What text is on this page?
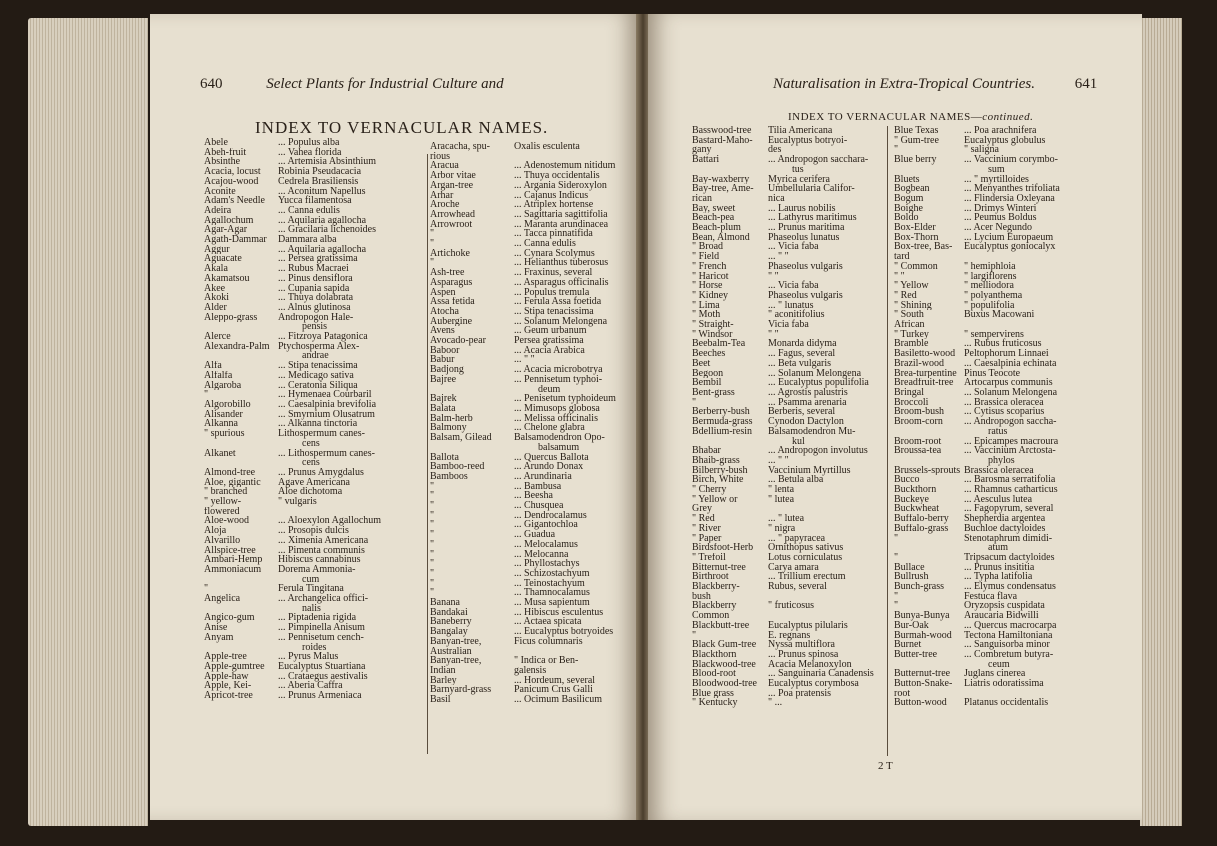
640	Select Plants for Industrial Culture and
INDEX TO VERNACULAR NAMES.
Abele	... Populus alba
Abeh-fruit	... Vahea florida
Absinthe	... Artemisia Absinthium
Acacia, locust	Robinia Pseudacacia
Acajou-wood	Cedrela Brasiliensis
Aconite	... Aconitum Napellus
Adam's Needle	Yucca filamentosa
Adeira	... Canna edulis
Agallochum	... Aquilaria agallocha
Agar-Agar	... Gracilaria lichenoides
Agath-Dammar	Dammara alba
Aggur	... Aquilaria agallocha
Aguacate	... Persea gratissima
Akala	... Rubus Macraei
Akamatsou	... Pinus densiflora
Akee	... Cupania sapida
Akoki	... Thuya dolabrata
Alder	... Alnus glutinosa
Aleppo-grass	Andropogon Hale-
pensis
Alerce	... Fitzroya Patagonica
Alexandra-Palm Ptychosperma Alex-
andrae
Alfa	... Stipa tenacissima
Alfalfa	... Medicago sativa
Algaroba	... Ceratonia Siliqua
"	... Hymenaea Courbaril
Algorobillo	... Caesalpinia brevifolia
Alisander	... Smyrnium Olusatrum
Alkanna	... Alkanna tinctoria
" spurious	Lithospermum canes-
cens
Alkanet	... Lithospermum canes-
cens
Almond-tree	... Prunus Amygdalus
Aloe, gigantic	Agave Americana
" branched	Aloe dichotoma
" yellow-	" vulgaris
flowered
Aloe-wood	... Aloexylon Agallochum
Aloja	... Prosopis dulcis
Alvarillo	... Ximenia Americana
Allspice-tree	... Pimenta communis
Ambari-Hemp	Hibiscus cannabinus
Ammoniacum	Dorema Ammonia-
cum
"	Ferula Tingitana
Angelica	... Archangelica offici-
nalis
Angico-gum	... Piptadenia rigida
Anise	... Pimpinella Anisum
Anyam	... Pennisetum cench-
roides
Apple-tree	... Pyrus Malus
Apple-gumtree	Eucalyptus Stuartiana
Apple-haw	... Crataegus aestivalis
Apple, Kei-	... Aberia Caffra
Apricot-tree	... Prunus Armeniaca
Aracacha, spu-	Oxalis esculenta
rious
Aracua	... Adenostemum nitidum
Arbor vitae	... Thuya occidentalis
Argan-tree	... Argania Sideroxylon
Arhar	... Cajanus Indicus
Aroche	... Atriplex hortense
Arrowhead	... Sagittaria sagittifolia
Arrowroot	... Maranta arundinacea
"	... Tacca pinnatifida
"	... Canna edulis
Artichoke	... Cynara Scolymus
"	... Helianthus tuberosus
Ash-tree	... Fraxinus, several
Asparagus	... Asparagus officinalis
Aspen	... Populus tremula
Assa fetida	... Ferula Assa foetida
Atocha	... Stipa tenacissima
Aubergine	... Solanum Melongena
Avens	... Geum urbanum
Avocado-pear	Persea gratissima
Baboor	... Acacia Arabica
Babur	... " "
Badjong	... Acacia microbotrya
Bajree	... Pennisetum typhoi-
deum
Bajrek	... Penisetum typhoideum
Balata	... Mimusops globosa
Balm-herb	... Melissa officinalis
Balmony	... Chelone glabra
Balsam, Gilead	Balsamodendron Opo-
balsamum
Ballota	... Quercus Ballota
Bamboo-reed	... Arundo Donax
Bamboos	... Arundinaria
"	... Bambusa
"	... Beesha
"	... Chusquea
"	... Dendrocalamus
"	... Gigantochloa
"	... Guadua
"	... Melocalamus
"	... Melocanna
"	... Phyllostachys
"	... Schizostachyum
"	... Teinostachyum
"	... Thamnocalamus
Banana	... Musa sapientum
Bandakai	... Hibiscus esculentus
Baneberry	... Actaea spicata
Bangalay	... Eucalyptus botryoides
Banyan-tree,	Ficus columnaris
Australian
Banyan-tree,	" Indica or Ben-
Indian	galensis
Barley	... Hordeum, several
Barnyard-grass	Panicum Crus Galli
Basil	... Ocimum Basilicum
Naturalisation in Extra-Tropical Countries.	641
INDEX TO VERNACULAR NAMES—continued.
Basswood-tree	Tilia Americana
Bastard-Maho-	Eucalyptus botryoi-
gany	des
Battari	... Andropogon sacchara-
tus
Bay-waxberry	Myrica cerifera
Bay-tree, Ame-	Umbellularia Califor-
rican	nica
Bay, sweet	... Laurus nobilis
Beach-pea	... Lathyrus maritimus
Beach-plum	... Prunus maritima
Bean, Almond	Phaseolus lunatus
" Broad	... Vicia faba
" Field	... " "
" French	Phaseolus vulgaris
" Haricot	" "
" Horse	... Vicia faba
" Kidney	Phaseolus vulgaris
" Lima	... " lunatus
" Moth	" aconitifolius
" Straight-	Vicia faba
" Windsor	" "
Beebalm-Tea	Monarda didyma
Beeches	... Fagus, several
Beet	... Beta vulgaris
Begoon	... Solanum Melongena
Bembil	... Eucalyptus populifolia
Bent-grass	... Agrostis palustris
"	... Psamma arenaria
Berberry-bush	Berberis, several
Bermuda-grass	Cynodon Dactylon
Bdellium-resin	Balsamodendron Mu-
kul
Bhabar	... Andropogon involutus
Bhaib-grass	... " "
Bilberry-bush	Vaccinium Myrtillus
Birch, White	... Betula alba
" Cherry	" lenta
" Yellow or	" lutea
Grey
" Red	... " lutea
" River	" nigra
" Paper	... " papyracea
Birdsfoot-Herb	Ornithopus sativus
" Trefoil	Lotus corniculatus
Bitternut-tree	Carya amara
Birthroot	... Trillium erectum
Blackberry-	Rubus, several
bush
Blackberry	" fruticosus
Common
Blackbutt-tree	Eucalyptus pilularis
"	E. regnans
Black Gum-tree	Nyssa multiflora
Blackthorn	... Prunus spinosa
Blackwood-tree	Acacia Melanoxylon
Blood-root	... Sanguinaria Canadensis
Bloodwood-tree	Eucalyptus corymbosa
Blue grass	... Poa pratensis
" Kentucky	" ...
Blue Texas	... Poa arachnifera
" Gum-tree	Eucalyptus globulus
"	" saligna
Blue berry	... Vaccinium corymbo-
sum
Bluets	... " myrtilloides
Bogbean	... Menyanthes trifoliata
Bogum	... Flindersia Oxleyana
Boighe	... Drimys Winteri
Boldo	... Peumus Boldus
Box-Elder	... Acer Negundo
Box-Thorn	... Lycium Europaeum
Box-tree, Bas-	Eucalyptus goniocalyx
tard
" Common	" hemiphloia
" "	" largiflorens
" Yellow	" melliodora
" Red	" polyanthema
" Shining	" populifolia
" South	Buxus Macowani
African
" Turkey	" sempervirens
Bramble	... Rubus fruticosus
Basiletto-wood Peltophorum Linnaei
Brazil-wood	... Caesalpinia echinata
Brea-turpentine Pinus Teocote
Breadfruit-tree	Artocarpus communis
Bringal	... Solanum Melongena
Broccoli	... Brassica oleracea
Broom-bush	... Cytisus scoparius
Broom-corn	... Andropogon saccha-
ratus
Broom-root	... Epicampes macroura
Broussa-tea	... Vaccinium Arctosta-
phylos
Brussels-sprouts Brassica oleracea
Bucco	... Barosma serratifolia
Buckthorn	... Rhamnus catharticus
Buckeye	... Aesculus lutea
Buckwheat	... Fagopyrum, several
Buffalo-berry	Shepherdia argentea
Buffalo-grass	Buchloe dactyloides
"	Stenotaphrum dimidi-
atum
"	Tripsacum dactyloides
Bullace	... Prunus insititia
Bullrush	... Typha latifolia
Bunch-grass	... Elymus condensatus
"	Festuca flava
"	Oryzopsis cuspidata
Bunya-Bunya	Araucaria Bidwilli
Bur-Oak	... Quercus macrocarpa
Burmah-wood	Tectona Hamiltoniana
Burnet	... Sanguisorba minor
Butter-tree	... Combretum butyra-
ceum
Butternut-tree	Juglans cinerea
Button-Snake-	Liatris odoratissima
root
Button-wood	Platanus occidentalis
2 T
